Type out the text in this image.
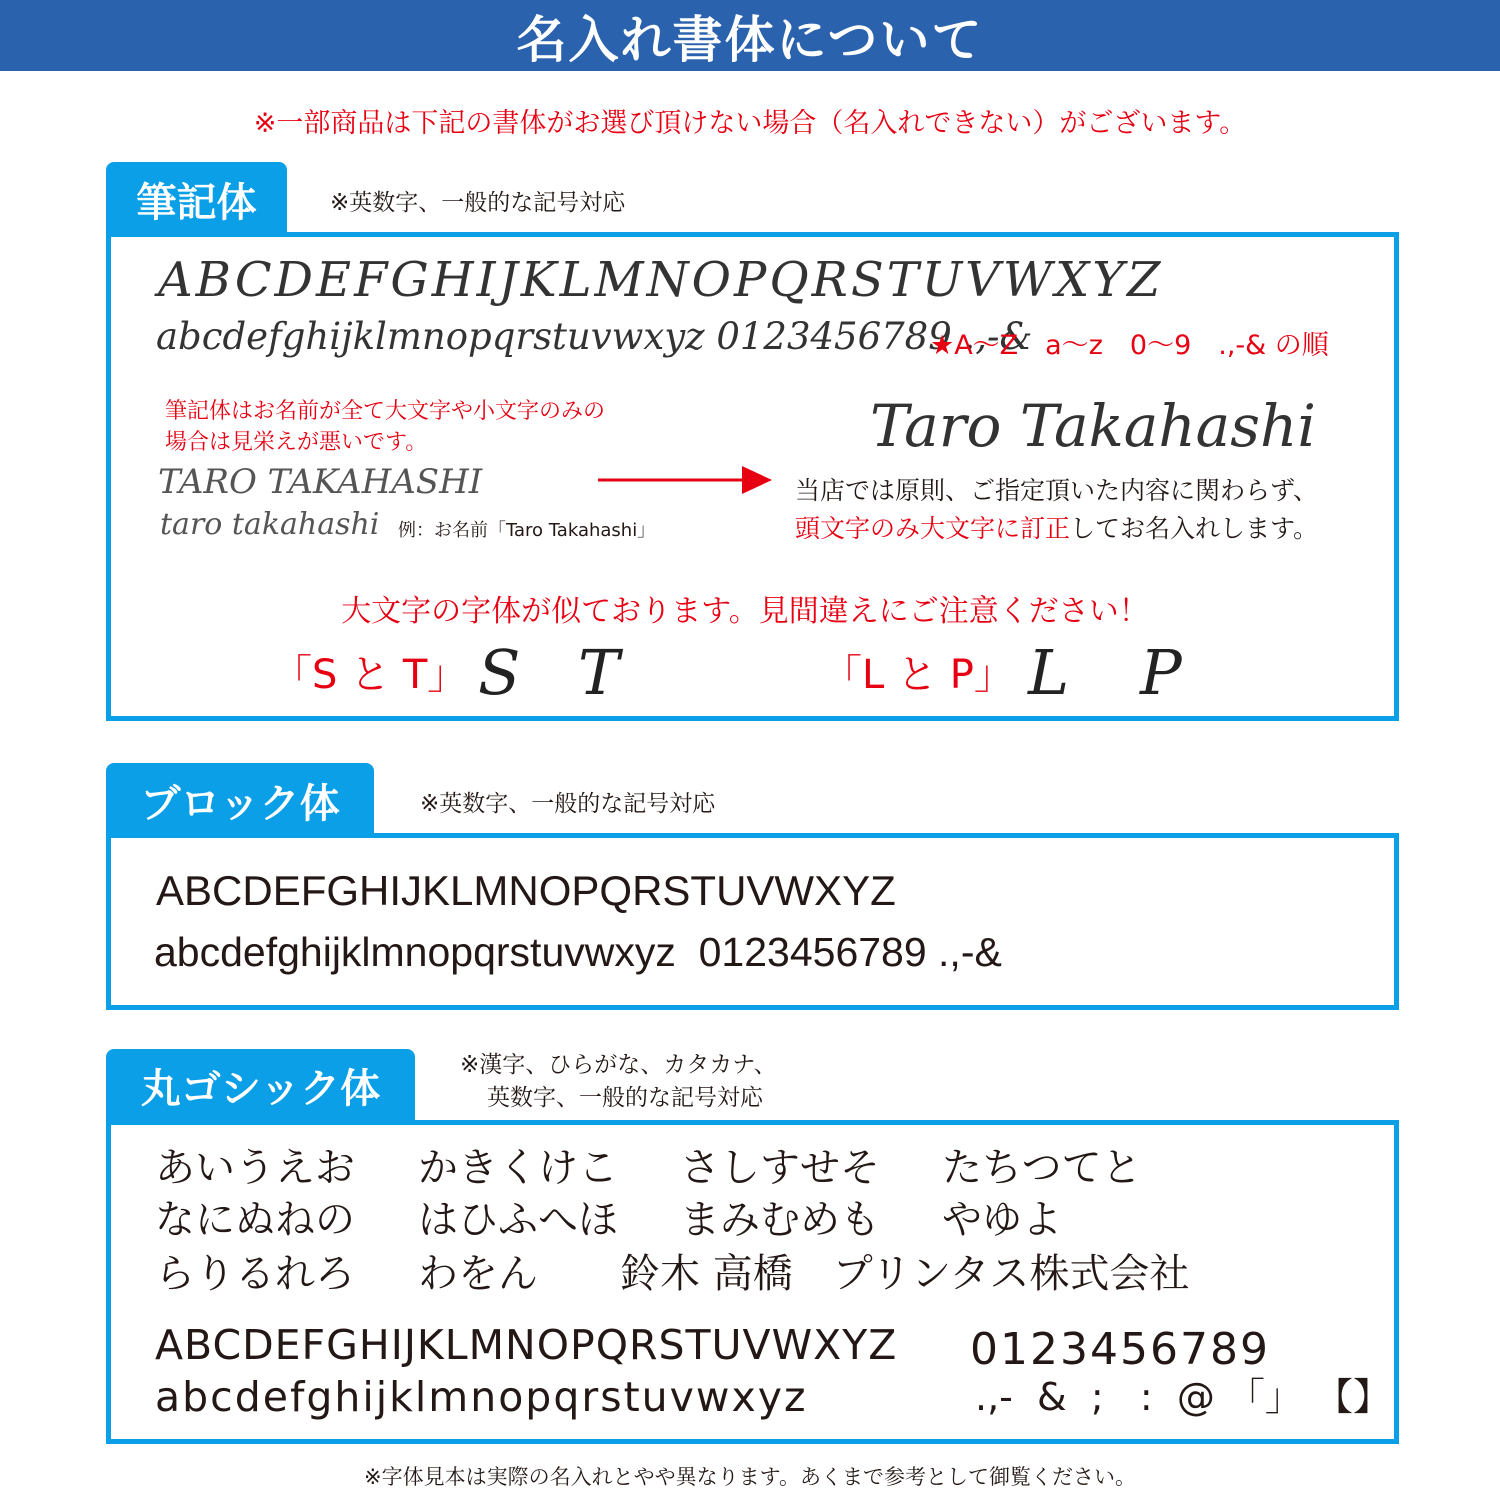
名入れ書体について
※一部商品は下記の書体がお選び頂けない場合（名入れできない）がございます。
筆記体	※英数字、一般的な記号対応
ABCDEFGHIJKLMNOPQRSTUVWXYZ
abcdefghijklmnopqrstuvwxyz 0123456789 .,-&
★A〜Z　a〜z　0〜9　.,-& の順
筆記体はお名前が全て大文字や小文字のみの
場合は見栄えが悪いです。
TARO TAKAHASHI
taro takahashi 例：お名前「Taro Takahashi」
Taro Takahashi
当店では原則、ご指定頂いた内容に関わらず、
頭文字のみ大文字に訂正してお名入れします。
大文字の字体が似ております。見間違えにご注意ください！
「S と T」 S T	「L と P」 L P
ブロック体	※英数字、一般的な記号対応
ABCDEFGHIJKLMNOPQRSTUVWXYZ
abcdefghijklmnopqrstuvwxyz  0123456789 .,-&
丸ゴシック体
※漢字、ひらがな、カタカナ、
英数字、一般的な記号対応
あいうえお かきくけこ さしすせそ たちつてと
なにぬねの はひふへほ まみむめも やゆよ
らりるれろ わをん 鈴木 高橋　プリンタス株式会社
ABCDEFGHIJKLMNOPQRSTUVWXYZ
abcdefghijklmnopqrstuvwxyz
0123456789
.,-  &  ;   :  @ 「」 【】
※字体見本は実際の名入れとやや異なります。あくまで参考として御覧ください。
